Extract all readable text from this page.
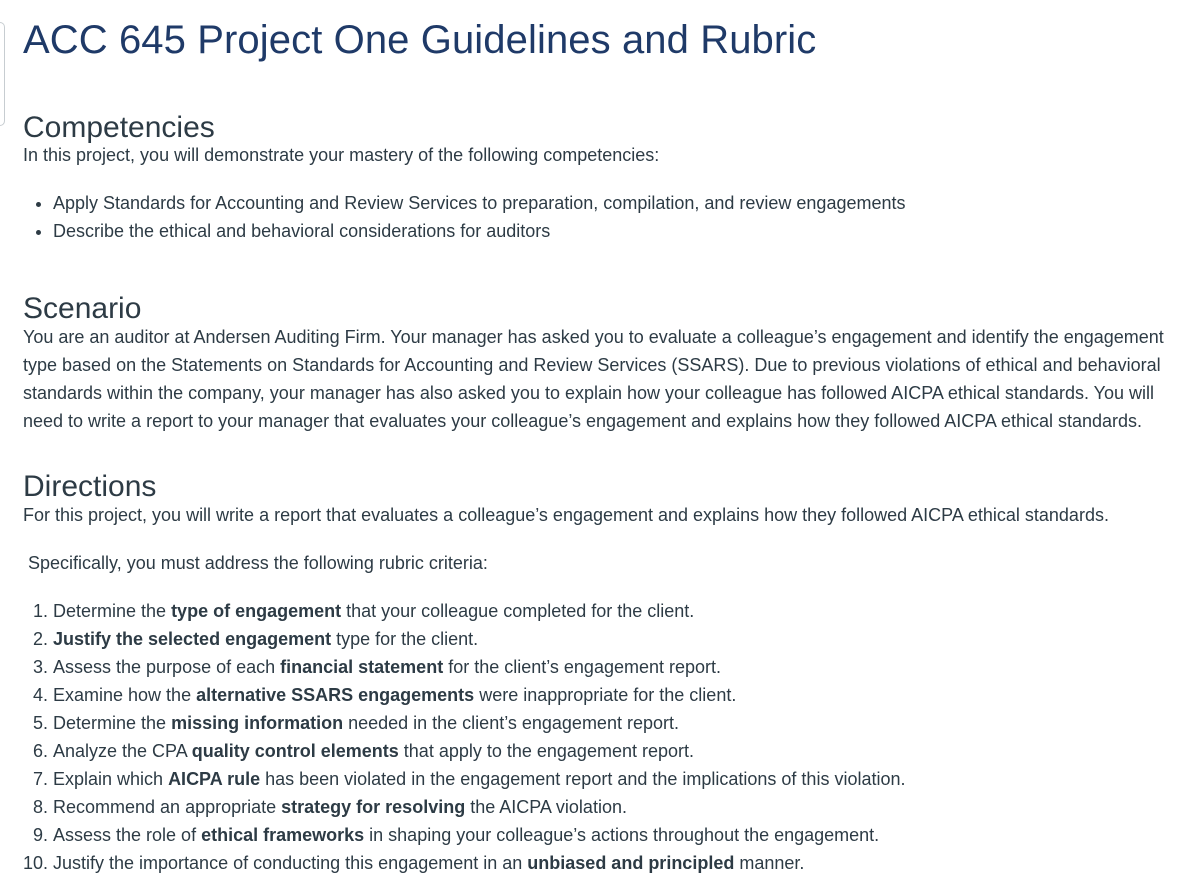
ACC 645 Project One Guidelines and Rubric
Competencies

In this project, you will demonstrate your mastery of the following competencies:

• Apply Standards for Accounting and Review Services to preparation, compilation, and review engagements
• Describe the ethical and behavioral considerations for auditors
Scenario

You are an auditor at Andersen Auditing Firm. Your manager has asked you to evaluate a colleague’s engagement and identify the engagement type based on the Statements on Standards for Accounting and Review Services (SSARS). Due to previous violations of ethical and behavioral standards within the company, your manager has also asked you to explain how your colleague has followed AICPA ethical standards. You will need to write a report to your manager that evaluates your colleague’s engagement and explains how they followed AICPA ethical standards.

Directions

For this project, you will write a report that evaluates a colleague’s engagement and explains how they followed AICPA ethical standards.

Specifically, you must address the following rubric criteria:

1. Determine the type of engagement that your colleague completed for the client.
2. Justify the selected engagement type for the client.
3. Assess the purpose of each financial statement for the client’s engagement report.
4. Examine how the alternative SSARS engagements were inappropriate for the client.
5. Determine the missing information needed in the client’s engagement report.
6. Analyze the CPA quality control elements that apply to the engagement report.
7. Explain which AICPA rule has been violated in the engagement report and the implications of this violation.
8. Recommend an appropriate strategy for resolving the AICPA violation.
9. Assess the role of ethical frameworks in shaping your colleague’s actions throughout the engagement.
10. Justify the importance of conducting this engagement in an unbiased and principled manner.
